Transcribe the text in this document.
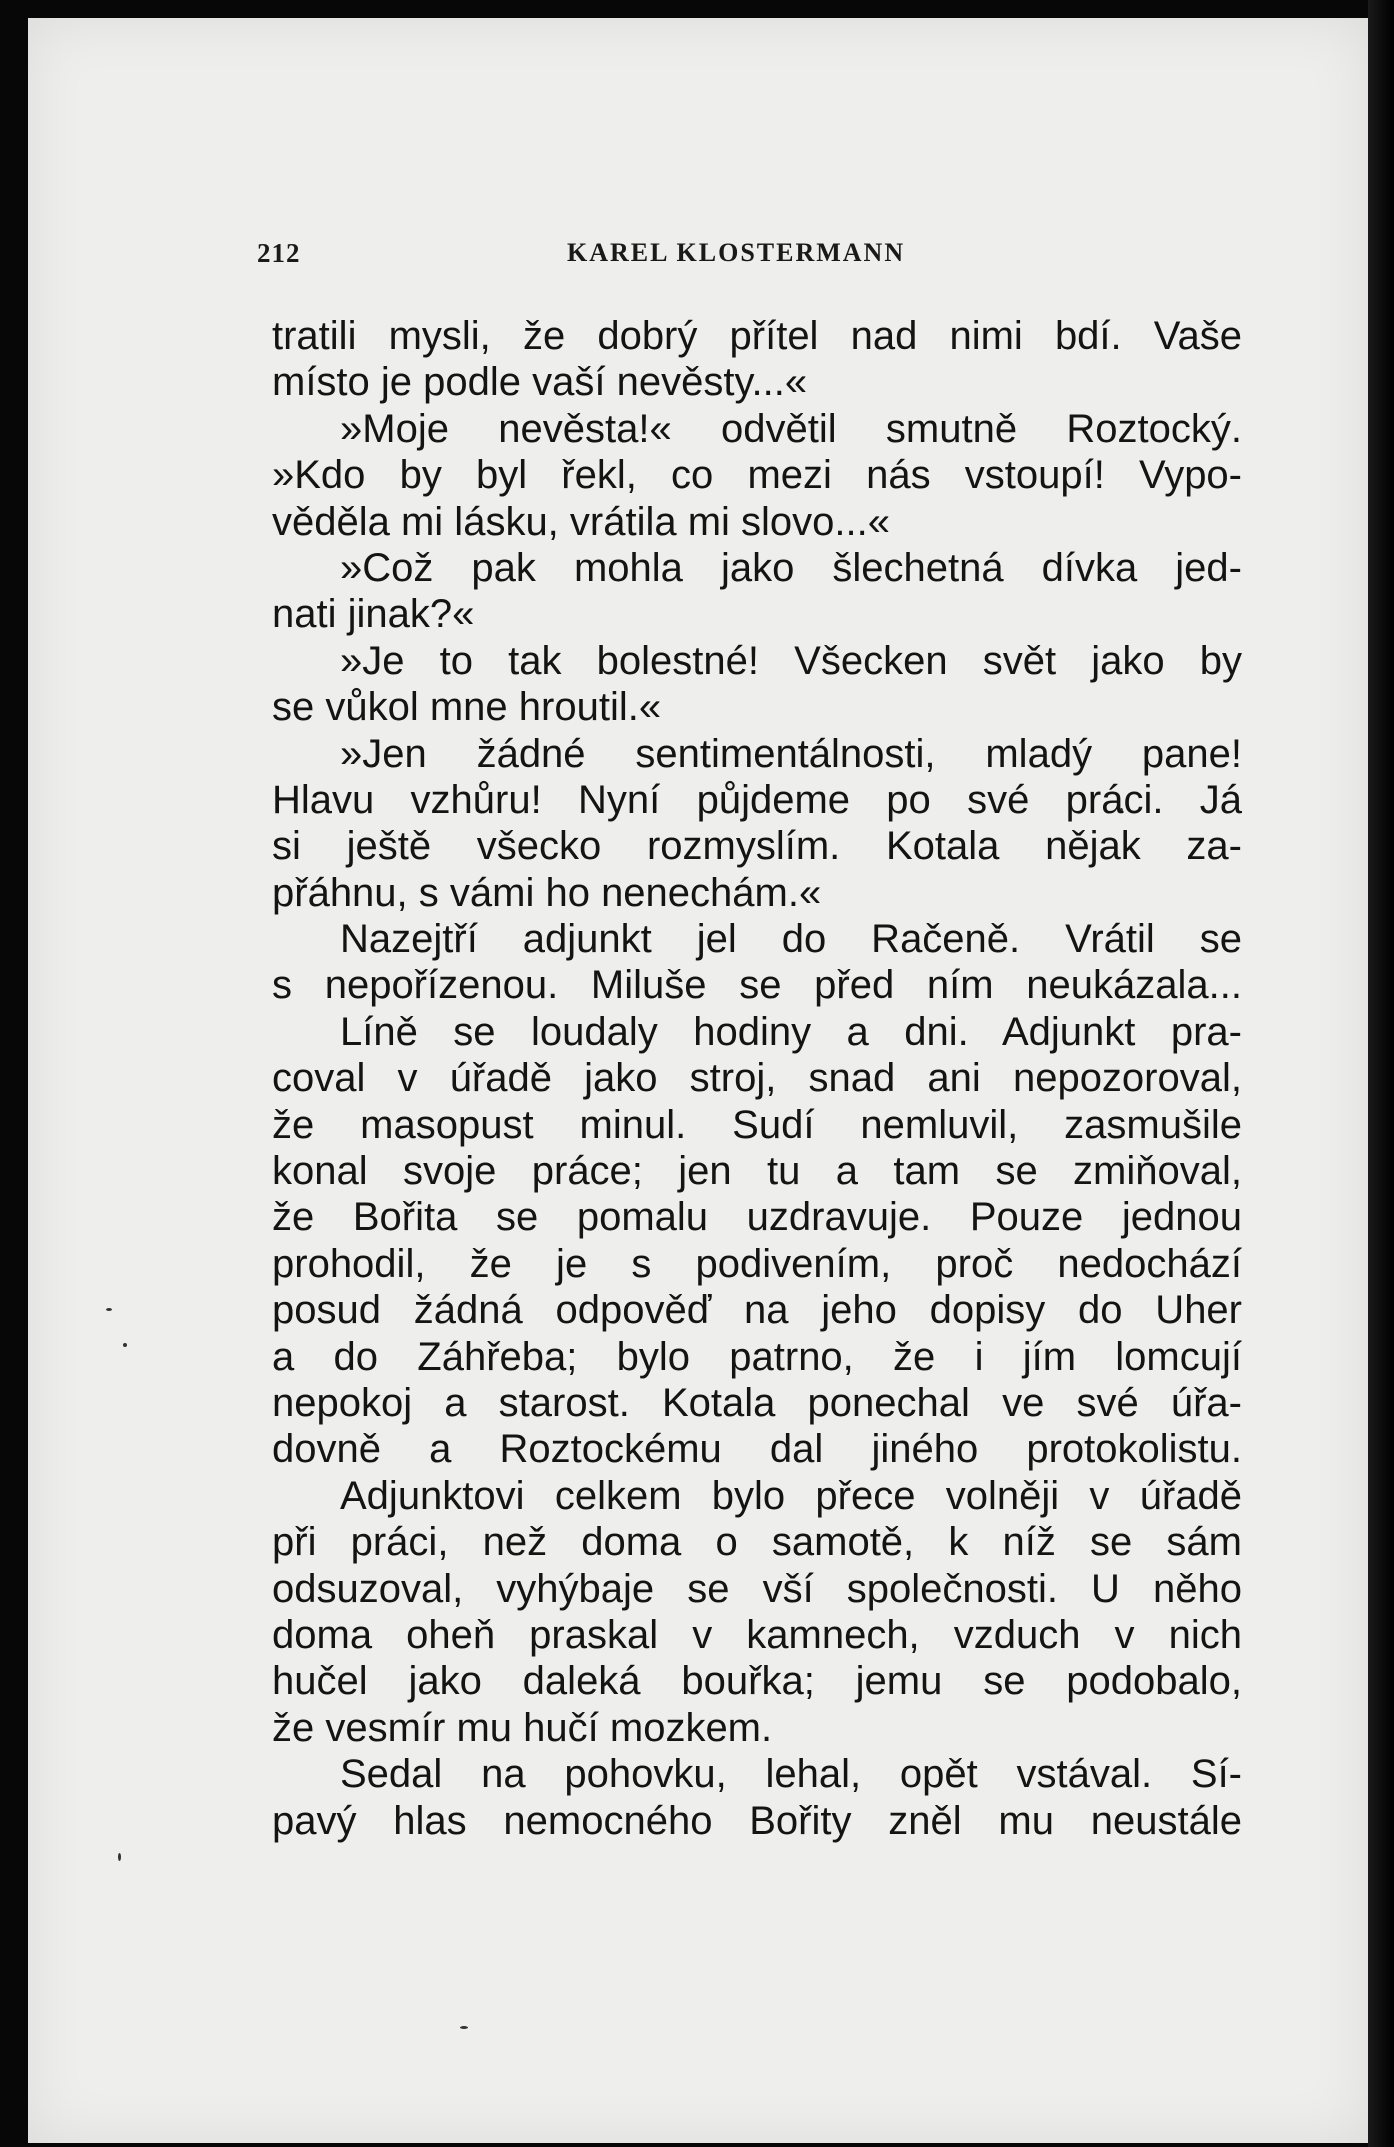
212	KAREL KLOSTERMANN
tratili mysli, že dobrý přítel nad nimi bdí. Vaše
místo je podle vaší nevěsty...«
»Moje nevěsta!« odvětil smutně Roztocký.
»Kdo by byl řekl, co mezi nás vstoupí! Vypo-
věděla mi lásku, vrátila mi slovo...«
»Což pak mohla jako šlechetná dívka jed-
nati jinak?«
»Je to tak bolestné! Všecken svět jako by
se vůkol mne hroutil.«
»Jen žádné sentimentálnosti, mladý pane!
Hlavu vzhůru! Nyní půjdeme po své práci. Já
si ještě všecko rozmyslím. Kotala nějak za-
přáhnu, s vámi ho nenechám.«
Nazejtří adjunkt jel do Račeně. Vrátil se
s nepořízenou. Miluše se před ním neukázala...
Líně se loudaly hodiny a dni. Adjunkt pra-
coval v úřadě jako stroj, snad ani nepozoroval,
že masopust minul. Sudí nemluvil, zasmušile
konal svoje práce; jen tu a tam se zmiňoval,
že Bořita se pomalu uzdravuje. Pouze jednou
prohodil, že je s podivením, proč nedochází
posud žádná odpověď na jeho dopisy do Uher
a do Záhřeba; bylo patrno, že i jím lomcují
nepokoj a starost. Kotala ponechal ve své úřa-
dovně a Roztockému dal jiného protokolistu.
Adjunktovi celkem bylo přece volněji v úřadě
při práci, než doma o samotě, k níž se sám
odsuzoval, vyhýbaje se vší společnosti. U něho
doma oheň praskal v kamnech, vzduch v nich
hučel jako daleká bouřka; jemu se podobalo,
že vesmír mu hučí mozkem.
Sedal na pohovku, lehal, opět vstával. Sí-
pavý hlas nemocného Bořity zněl mu neustále
